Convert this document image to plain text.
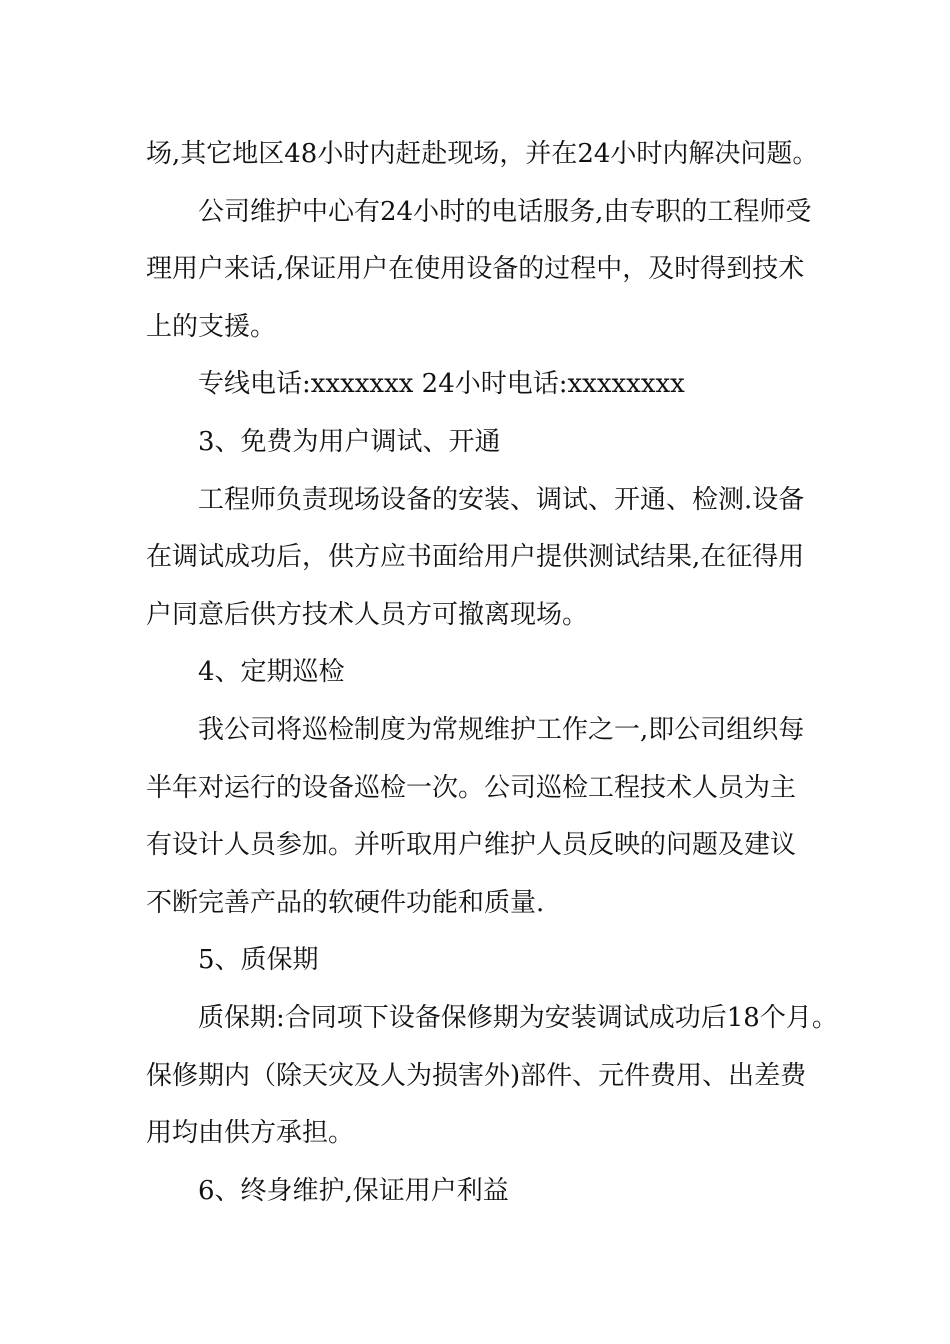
场,其它地区48小时内赶赴现场，并在24小时内解决问题。
公司维护中心有24小时的电话服务,由专职的工程师受
理用户来话,保证用户在使用设备的过程中，及时得到技术
上的支援。
专线电话:xxxxxxx 24小时电话:xxxxxxxx
3、免费为用户调试、开通
工程师负责现场设备的安装、调试、开通、检测.设备
在调试成功后，供方应书面给用户提供测试结果,在征得用
户同意后供方技术人员方可撤离现场。
4、定期巡检
我公司将巡检制度为常规维护工作之一,即公司组织每
半年对运行的设备巡检一次。公司巡检工程技术人员为主
有设计人员参加。并听取用户维护人员反映的问题及建议
不断完善产品的软硬件功能和质量.
5、质保期
质保期:合同项下设备保修期为安装调试成功后18个月。
保修期内（除天灾及人为损害外)部件、元件费用、出差费
用均由供方承担。
6、终身维护,保证用户利益
